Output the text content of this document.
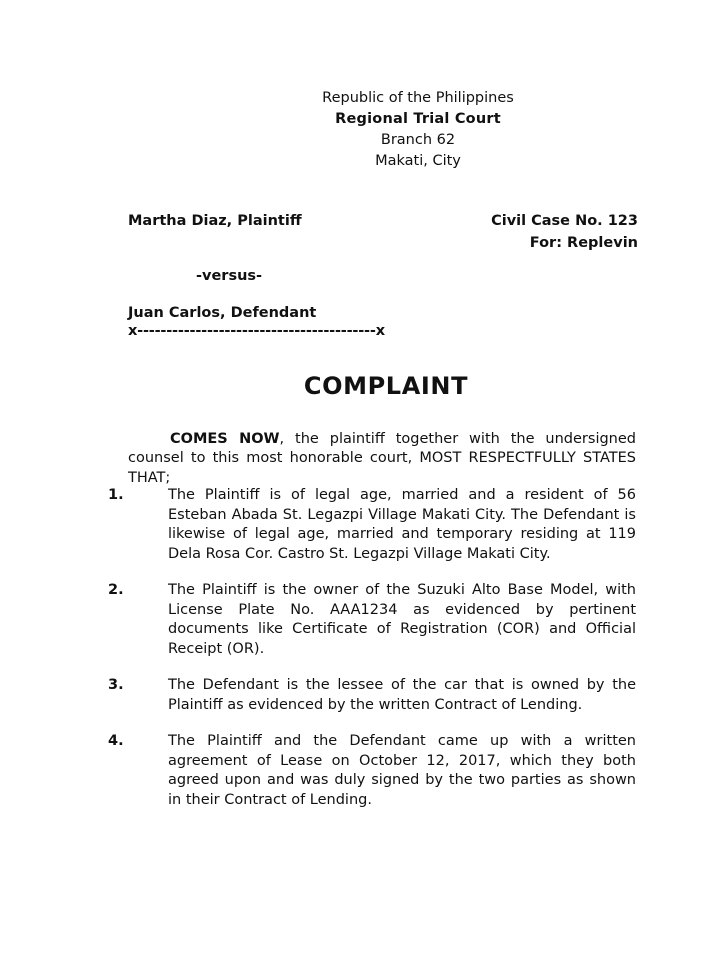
Republic of the Philippines
Regional Trial Court
Branch 62
Makati, City
Martha Diaz, Plaintiff	Civil Case No. 123
For: Replevin
-versus-
Juan Carlos, Defendant
x-----------------------------------------x
COMPLAINT

COMES NOW, the plaintiff together with the undersigned counsel to this most honorable court, MOST RESPECTFULLY STATES THAT;

1.	The Plaintiff is of legal age, married and a resident of 56 Esteban Abada St. Legazpi Village Makati City. The Defendant is likewise of legal age, married and temporary residing at 119 Dela Rosa Cor. Castro St. Legazpi Village Makati City.
2.	The Plaintiff is the owner of the Suzuki Alto Base Model, with License Plate No. AAA1234 as evidenced by pertinent documents like Certificate of Registration (COR) and Official Receipt (OR).
3.	The Defendant is the lessee of the car that is owned by the Plaintiff as evidenced by the written Contract of Lending.
4.	The Plaintiff and the Defendant came up with a written agreement of Lease on October 12, 2017, which they both agreed upon and was duly signed by the two parties as shown in their Contract of Lending.
